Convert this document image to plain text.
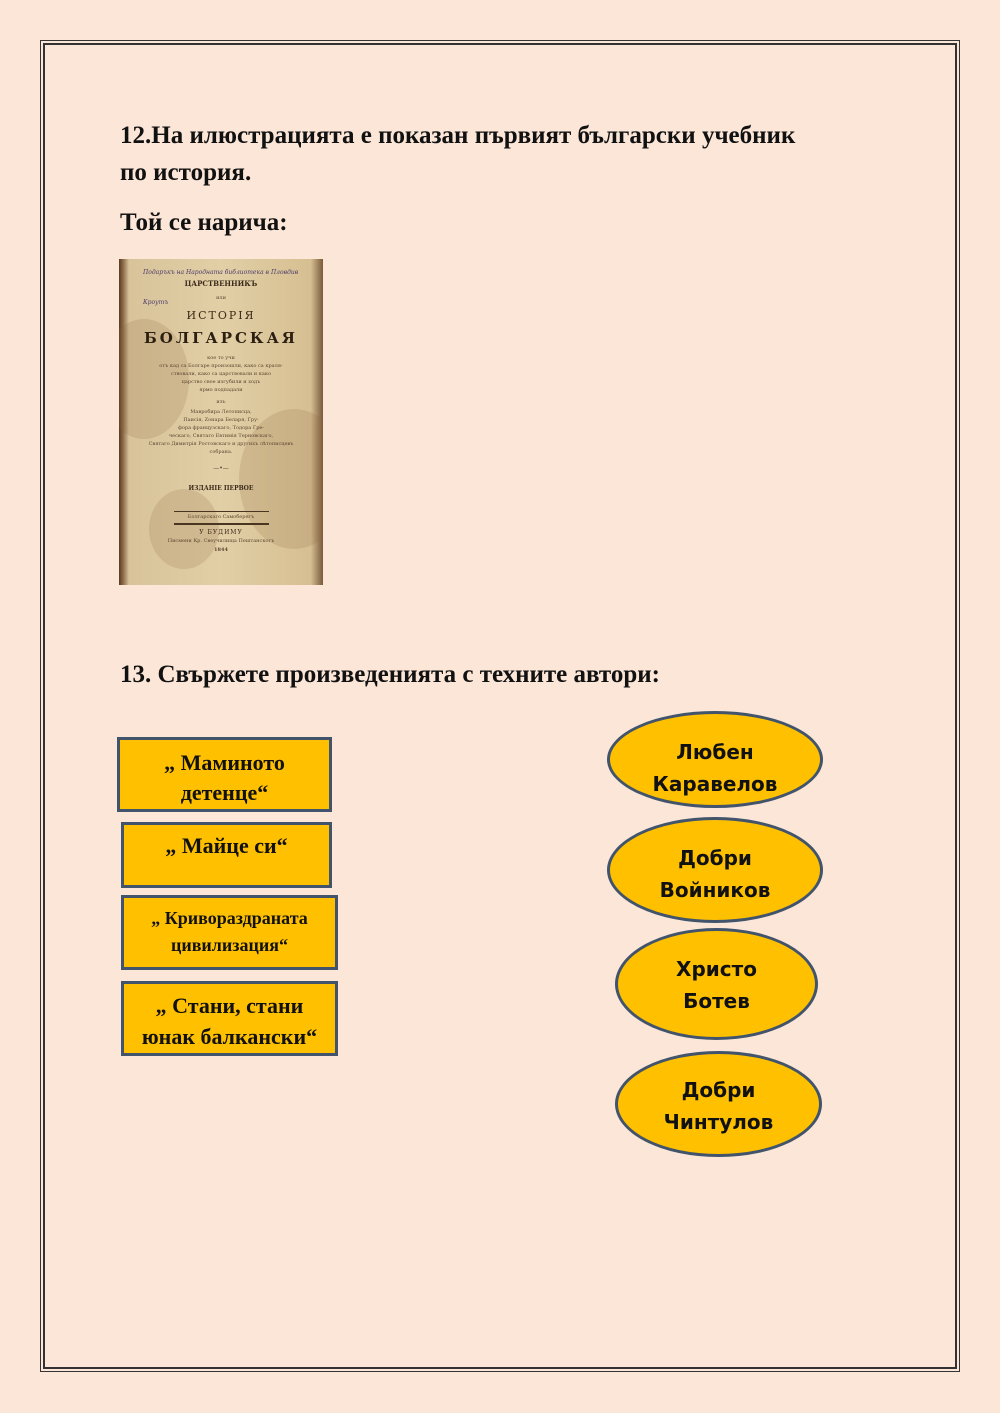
12.На илюстрацията е показан първият български учебник
по история.
Той се нарича:
Подаръкъ на Народната библиотека в Пловдив
Кроутъ
ЦАРСТВЕННИКЪ
или
ИСТОРІЯ
БОЛГАРСКАЯ
кое то учи
отъ кад са Болгаре произошли, како са краля-
ствовали, како са царствовали и како
царство свое изгубили и ходъ
ярмо подпадали
изъ
Мавробира Летописца,
Паисія, Zонара Беларя, Гру-
фора французскаго, Тодора Гре-
ческаго, Святаго Евтимія Терновскаго,
Святаго Димитрія Ростовскаго и другихъ лѣтописцевъ
собрана.
—•—
ИЗДАНІЕ ПЕРВОЕ
Болгарскаго Самоберегъ
У БУДИМУ
Писмени Кр. Свеучилища Пештанскогъ
1844
13. Свържете произведенията с техните автори:
„ Маминото
детенце“
„ Майце си“
„ Кривораздраната
цивилизация“
„ Стани, стани
юнак балкански“
Любен
Каравелов
Добри
Войников
Христо
Ботев
Добри
Чинтулов
